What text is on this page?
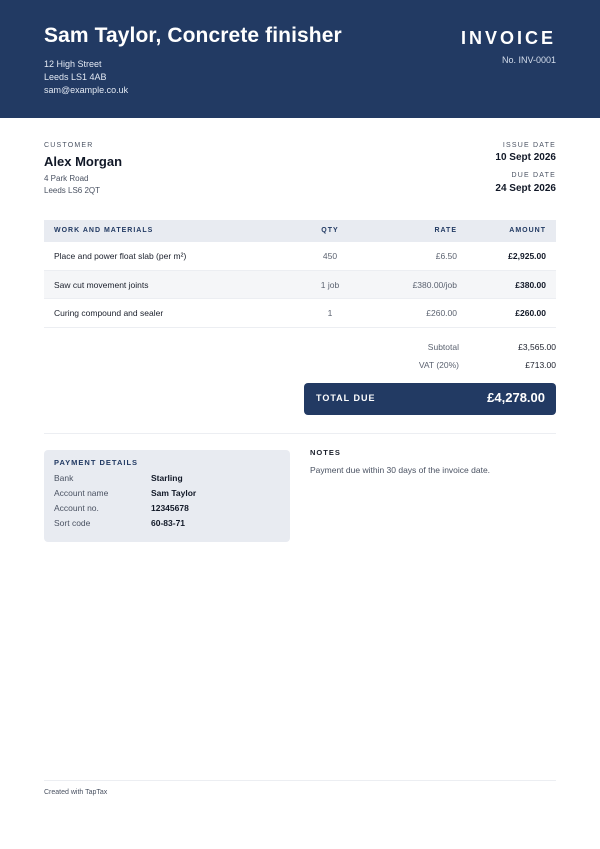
Sam Taylor, Concrete finisher
12 High Street
Leeds LS1 4AB
sam@example.co.uk
INVOICE
No. INV-0001
CUSTOMER
Alex Morgan
4 Park Road
Leeds LS6 2QT
ISSUE DATE
10 Sept 2026
DUE DATE
24 Sept 2026
WORK AND MATERIALS	QTY	RATE	AMOUNT
Place and power float slab (per m²)	450	£6.50	£2,925.00
Saw cut movement joints	1 job	£380.00/job	£380.00
Curing compound and sealer	1	£260.00	£260.00
Subtotal	£3,565.00
VAT (20%)	£713.00
TOTAL DUE	£4,278.00
PAYMENT DETAILS
Bank	Starling
Account name	Sam Taylor
Account no.	12345678
Sort code	60-83-71
NOTES
Payment due within 30 days of the invoice date.
Created with TapTax
